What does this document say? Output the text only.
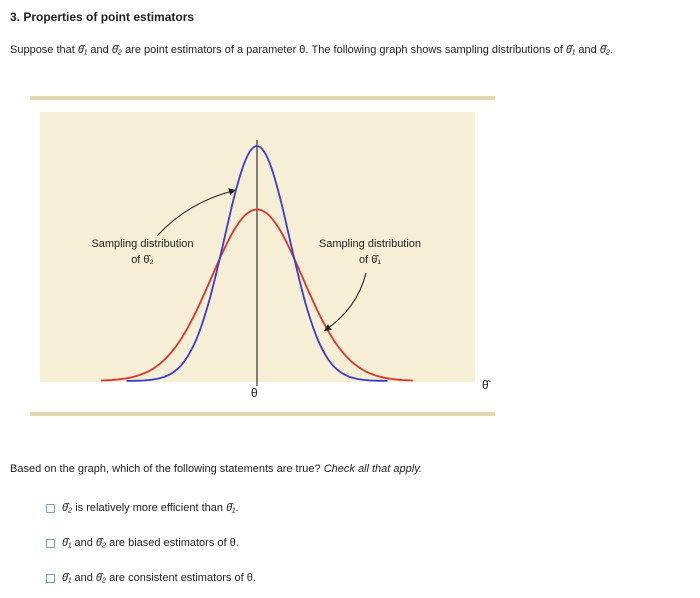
3. Properties of point estimators
Suppose that θ̂₁ and θ̂₂ are point estimators of a parameter θ. The following graph shows sampling distributions of θ̂₁ and θ̂₂.
Sampling distribution
of θ̂₂
Sampling distribution
of θ̂₁
θ
θ̂
Based on the graph, which of the following statements are true? Check all that apply.
θ̂₂ is relatively more efficient than θ̂₁.
θ̂₁ and θ̂₂ are biased estimators of θ.
θ̂₁ and θ̂₂ are consistent estimators of θ.
